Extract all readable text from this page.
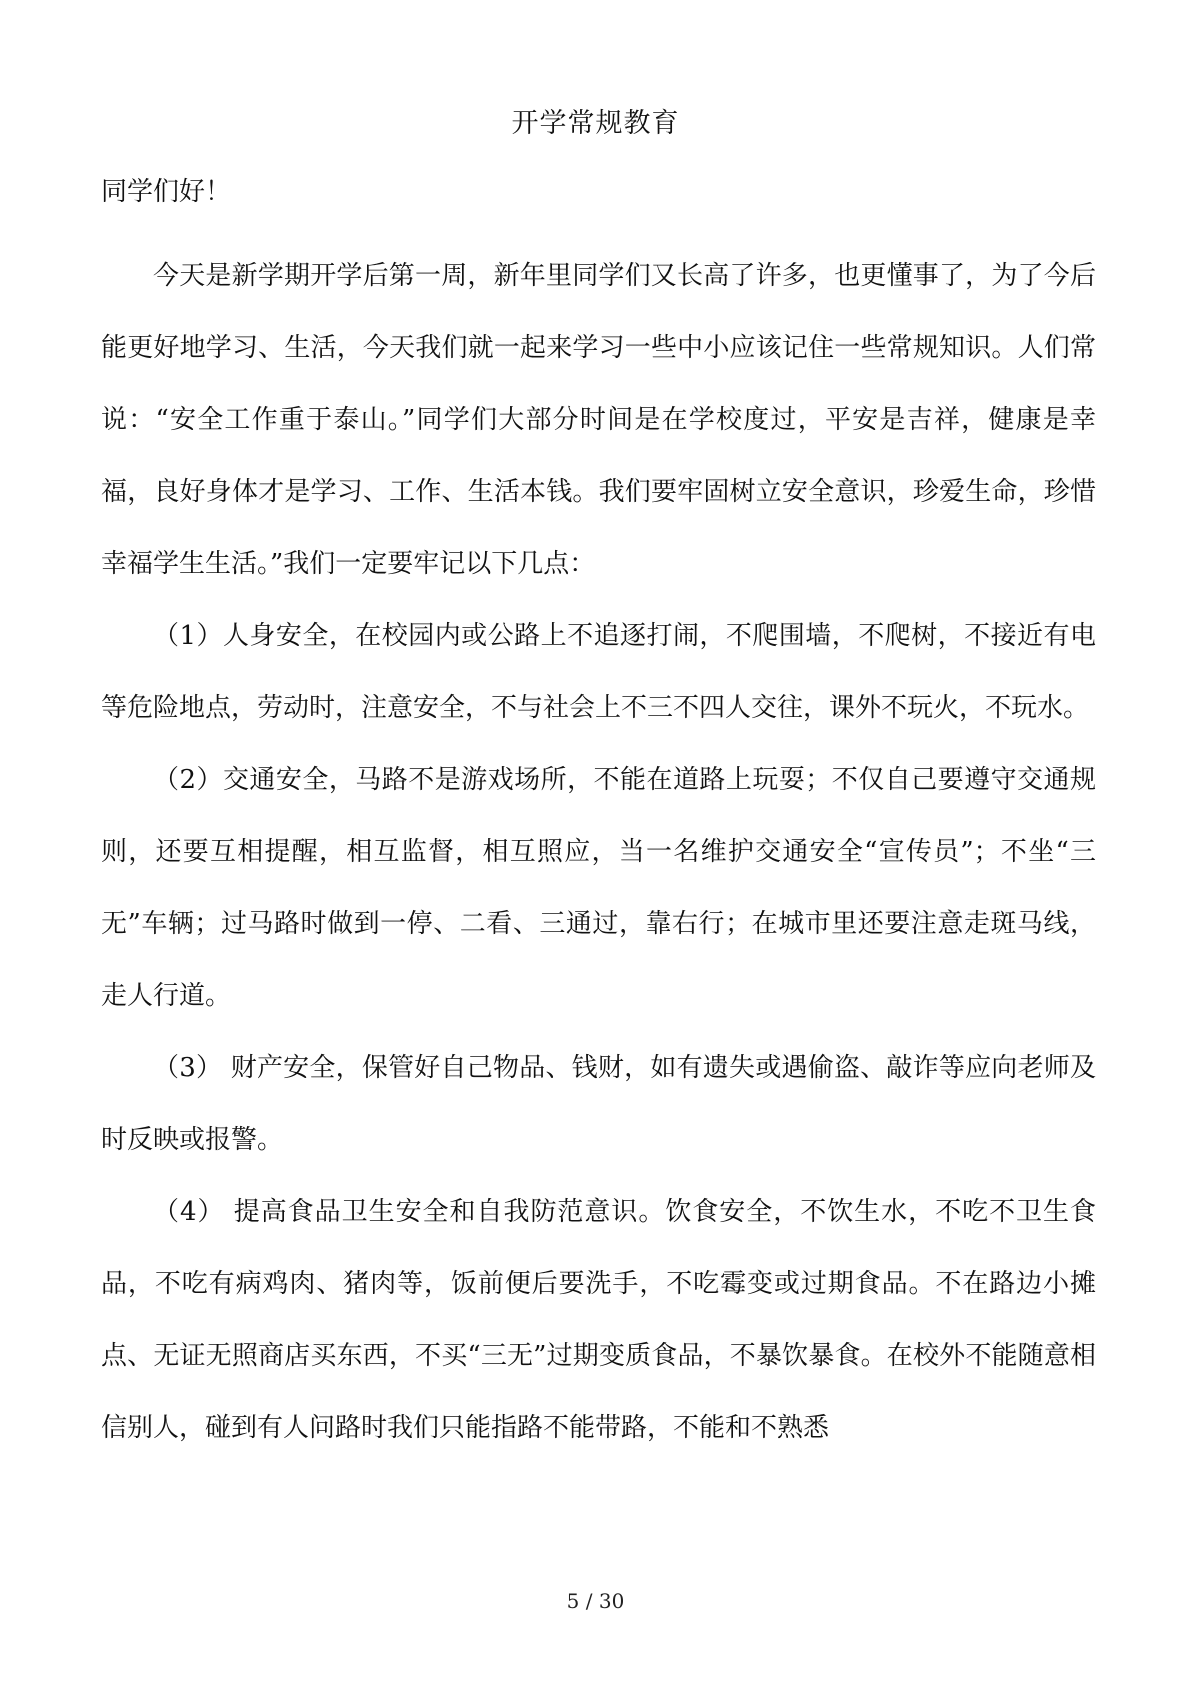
开学常规教育
同学们好！

今天是新学期开学后第一周，新年里同学们又长高了许多，也更懂事了，为了今后能更好地学习、生活，今天我们就一起来学习一些中小应该记住一些常规知识。人们常说：“安全工作重于泰山。”同学们大部分时间是在学校度过，平安是吉祥，健康是幸福，良好身体才是学习、工作、生活本钱。我们要牢固树立安全意识，珍爱生命，珍惜幸福学生生活。”我们一定要牢记以下几点：

（1）人身安全，在校园内或公路上不追逐打闹，不爬围墙，不爬树，不接近有电等危险地点，劳动时，注意安全，不与社会上不三不四人交往，课外不玩火，不玩水。

（2）交通安全，马路不是游戏场所，不能在道路上玩耍；不仅自己要遵守交通规则，还要互相提醒，相互监督，相互照应，当一名维护交通安全“宣传员”；不坐“三无”车辆；过马路时做到一停、二看、三通过，靠右行；在城市里还要注意走斑马线，走人行道。

（3） 财产安全，保管好自己物品、钱财，如有遗失或遇偷盗、敲诈等应向老师及时反映或报警。

（4） 提高食品卫生安全和自我防范意识。饮食安全，不饮生水，不吃不卫生食品，不吃有病鸡肉、猪肉等，饭前便后要洗手，不吃霉变或过期食品。不在路边小摊点、无证无照商店买东西，不买“三无”过期变质食品，不暴饮暴食。在校外不能随意相信别人，碰到有人问路时我们只能指路不能带路，不能和不熟悉

5 / 30
